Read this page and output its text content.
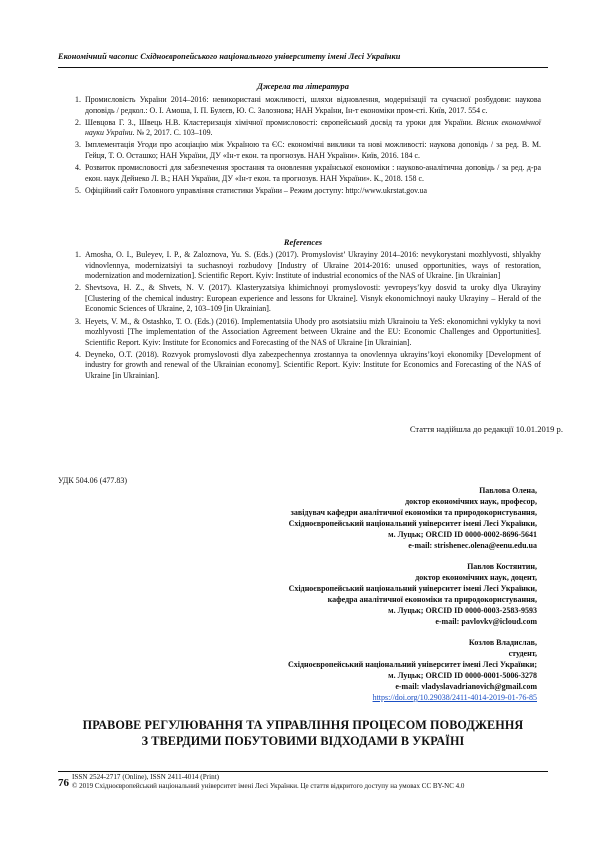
Економічний часопис Східноєвропейського національного університету імені Лесі Українки
Джерела та література
1. Промисловість України 2014–2016: невикористані можливості, шляхи відновлення, модернізації та сучасної розбудови: наукова доповідь / редкол.: О. І. Амоша, І. П. Булєєв, Ю. С. Залознова; НАН України, Ін-т економіки пром-сті. Київ, 2017. 554 с.
2. Шевцова Г. З., Швець Н.В. Кластеризація хімічної промисловості: європейський досвід та уроки для України. Вісник економічної науки України. № 2, 2017. С. 103–109.
3. Імплементація Угоди про асоціацію між Україною та ЄС: економічні виклики та нові можливості: наукова доповідь / за ред. В. М. Гейця, Т. О. Осташко; НАН України, ДУ «Ін-т екон. та прогнозув. НАН України». Київ, 2016. 184 с.
4. Розвиток промисловості для забезпечення зростання та оновлення української економіки : науково-аналітична доповідь / за ред. д-ра екон. наук Дейнеко Л. В.; НАН України, ДУ «Ін-т екон. та прогнозув. НАН України». К., 2018. 158 с.
5. Офіційний сайт Головного управління статистики України – Режим доступу: http://www.ukrstat.gov.ua
References
1. Amosha, O. I., Buleyev, I. P., & Zaloznova, Yu. S. (Eds.) (2017). Promyslovist’ Ukrayiny 2014–2016: nevykorystani mozhlyvosti, shlyakhy vidnovlennya, modernizatsiyi ta suchasnoyi rozbudovy [Industry of Ukraine 2014-2016: unused opportunities, ways of restoration, modernization and modernization]. Scientific Report. Kyiv: Institute of industrial economics of the NAS of Ukraine. [in Ukrainian]
2. Shevtsova, H. Z., & Shvets, N. V. (2017). Klasteryzatsiya khimichnoyi promyslovosti: yevropeys’kyy dosvid ta uroky dlya Ukrayiny [Clustering of the chemical industry: European experience and lessons for Ukraine]. Visnyk ekonomichnoyi nauky Ukrayiny – Herald of the Economic Sciences of Ukraine, 2, 103–109 [in Ukrainian].
3. Heyets, V. M., & Ostashko, T. O. (Eds.) (2016). Implementatsiia Uhody pro asotsiatsiiu mizh Ukrainoiu ta YeS: ekonomichni vyklyky ta novi mozhlyvosti [The implementation of the Association Agreement between Ukraine and the EU: Economic Challenges and Opportunities]. Scientific Report. Kyiv: Institute for Economics and Forecasting of the NAS of Ukraine [in Ukrainian].
4. Deyneko, O.T. (2018). Rozvyok promyslovosti dlya zabezpechennya zrostannya ta onovlennya ukrayins’koyi ekonomiky [Development of industry for growth and renewal of the Ukrainian economy]. Scientific Report. Kyiv: Institute for Economics and Forecasting of the NAS of Ukraine [in Ukrainian].
Стаття надійшла до редакції 10.01.2019 р.
УДК 504.06 (477.83)
Павлова Олена,
доктор економічних наук, професор,
завідувач кафедри аналітичної економіки та природокористування,
Східноєвропейський національний університет імені Лесі Українки,
м. Луцьк; ORCID ID 0000-0002-8696-5641
e-mail: strishenec.olena@eenu.edu.ua
Павлов Костянтин,
доктор економічних наук, доцент,
Східноєвропейський національний університет імені Лесі Українки,
кафедра аналітичної економіки та природокористування,
м. Луцьк; ORCID ID 0000-0003-2583-9593
e-mail: pavlovkv@icloud.com
Козлов Владислав,
студент,
Східноєвропейський національний університет імені Лесі Українки;
м. Луцьк; ORCID ID 0000-0001-5006-3278
e-mail: vladyslavadrianovich@gmail.com
https://doi.org/10.29038/2411-4014-2019-01-76-85
ПРАВОВЕ РЕГУЛЮВАННЯ ТА УПРАВЛІННЯ ПРОЦЕСОМ ПОВОДЖЕННЯ
З ТВЕРДИМИ ПОБУТОВИМИ ВІДХОДАМИ В УКРАЇНІ
76 ISSN 2524-2717 (Online), ISSN 2411-4014 (Print)
© 2019 Східноєвропейський національний університет імені Лесі Українки. Це стаття відкритого доступу на умовах CC BY-NC 4.0
